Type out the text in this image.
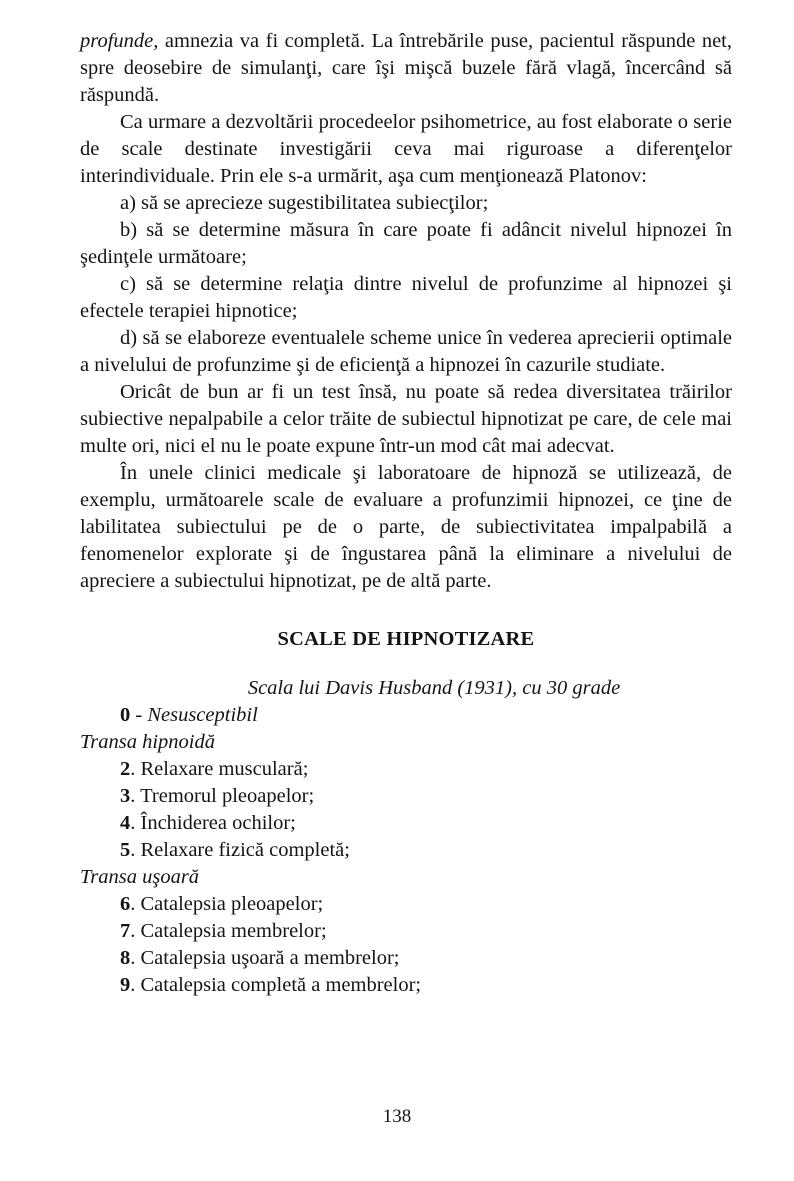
profunde, amnezia va fi completă. La întrebările puse, pacientul răspunde net, spre deosebire de simulanţi, care îşi mişcă buzele fără vlagă, încercând să răspundă.

Ca urmare a dezvoltării procedeelor psihometrice, au fost elaborate o serie de scale destinate investigării ceva mai riguroase a diferenţelor interindividuale. Prin ele s-a urmărit, aşa cum menţionează Platonov:

a) să se aprecieze sugestibilitatea subiecţilor;

b) să se determine măsura în care poate fi adâncit nivelul hipnozei în şedinţele următoare;

c) să se determine relaţia dintre nivelul de profunzime al hipnozei şi efectele terapiei hipnotice;

d) să se elaboreze eventualele scheme unice în vederea aprecierii optimale a nivelului de profunzime şi de eficienţă a hipnozei în cazurile studiate.

Oricât de bun ar fi un test însă, nu poate să redea diversitatea trăirilor subiective nepalpabile a celor trăite de subiectul hipnotizat pe care, de cele mai multe ori, nici el nu le poate expune într-un mod cât mai adecvat.

În unele clinici medicale şi laboratoare de hipnoză se utilizează, de exemplu, următoarele scale de evaluare a profunzimii hipnozei, ce ţine de labilitatea subiectului pe de o parte, de subiectivitatea impalpabilă a fenomenelor explorate şi de îngustarea până la eliminare a nivelului de apreciere a subiectului hipnotizat, pe de altă parte.

SCALE DE HIPNOTIZARE

Scala lui Davis Husband (1931), cu 30 grade

0 - Nesusceptibil

Transa hipnoidă

2. Relaxare musculară;

3. Tremorul pleoapelor;

4. Închiderea ochilor;

5. Relaxare fizică completă;

Transa uşoară

6. Catalepsia pleoapelor;

7. Catalepsia membrelor;

8. Catalepsia uşoară a membrelor;

9. Catalepsia completă a membrelor;

138
